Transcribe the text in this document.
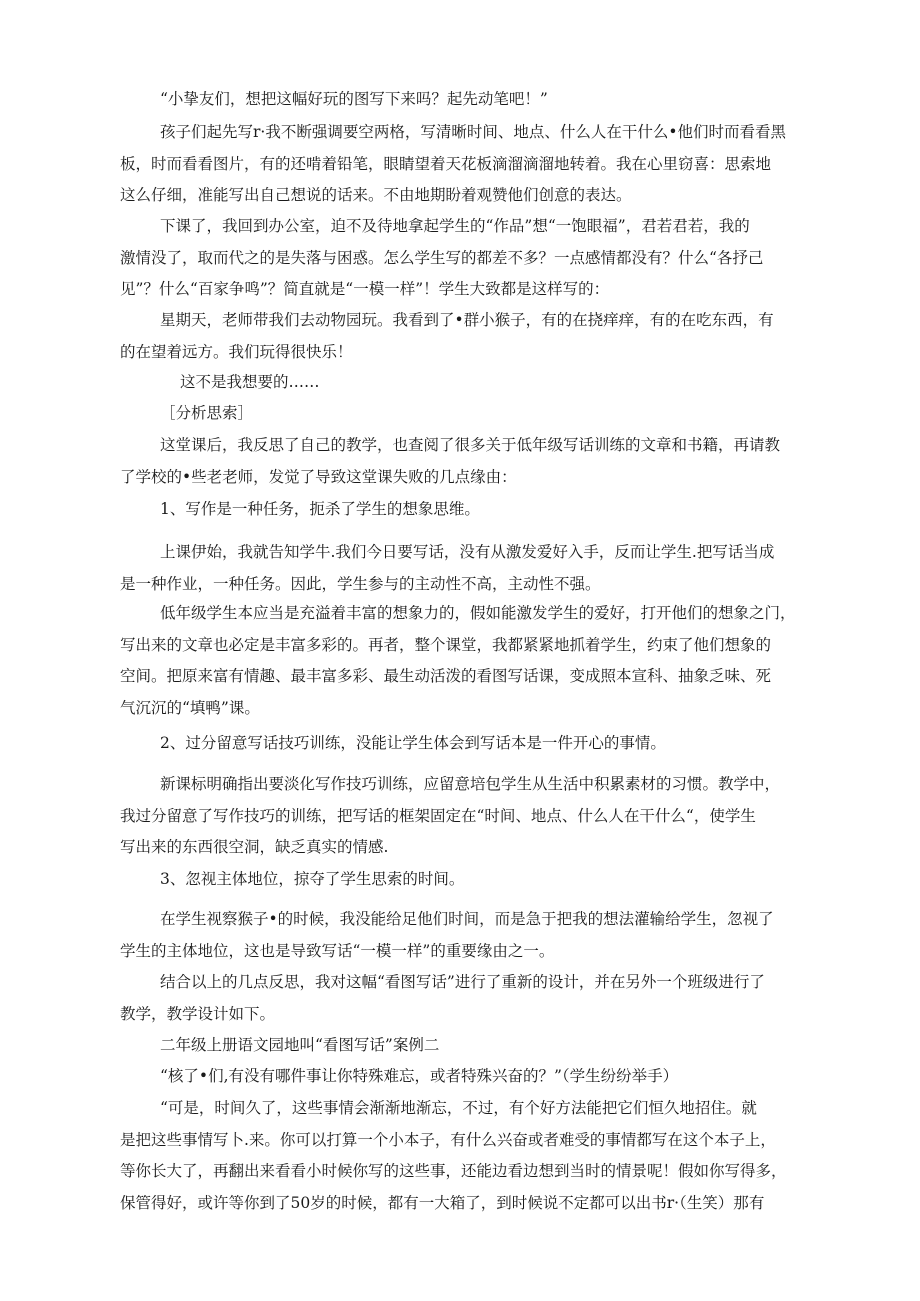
“小挚友们，想把这幅好玩的图写下来吗？起先动笔吧！”
孩子们起先写r·我不断强调要空两格，写清晰时间、地点、什么人在干什么•他们时而看看黑
板，时而看看图片，有的还啃着铅笔，眼睛望着天花板滴溜滴溜地转着。我在心里窃喜：思索地
这么仔细，准能写出自己想说的话来。不由地期盼着观赞他们创意的表达。
下课了，我回到办公室，迫不及待地拿起学生的“作品”想“一饱眼福”，君若君若，我的
激情没了，取而代之的是失落与困惑。怎么学生写的都差不多？一点感情都没有？什么“各抒己
见”？什么“百家争鸣”？简直就是“一模一样”！学生大致都是这样写的：
星期天，老师带我们去动物园玩。我看到了•群小猴子，有的在挠痒痒，有的在吃东西，有
的在望着远方。我们玩得很快乐！
这不是我想要的……
［分析思索］
这堂课后，我反思了自己的教学，也查阅了很多关于低年级写话训练的文章和书籍，再请教
了学校的•些老老师，发觉了导致这堂课失败的几点缘由：
1、写作是一种任务，扼杀了学生的想象思维。
上课伊始，我就告知学牛.我们今日要写话，没有从激发爱好入手，反而让学生.把写话当成
是一种作业，一种任务。因此，学生参与的主动性不高，主动性不强。
低年级学生本应当是充溢着丰富的想象力的，假如能激发学生的爱好，打开他们的想象之门，
写出来的文章也必定是丰富多彩的。再者，整个课堂，我都紧紧地抓着学生，约束了他们想象的
空间。把原来富有情趣、最丰富多彩、最生动活泼的看图写话课，变成照本宣科、抽象乏味、死
气沉沉的“填鸭”课。
2、过分留意写话技巧训练，没能让学生体会到写话本是一件开心的事情。
新课标明确指出要淡化写作技巧训练，应留意培包学生从生活中积累素材的习惯。教学中，
我过分留意了写作技巧的训练，把写话的框架固定在“时间、地点、什么人在干什么“，使学生
写出来的东西很空洞，缺乏真实的情感.
3、忽视主体地位，掠夺了学生思索的时间。
在学生视察猴子•的时候，我没能给足他们时间，而是急于把我的想法灌输给学生，忽视了
学生的主体地位，这也是导致写话“一模一样”的重要缘由之一。
结合以上的几点反思，我对这幅“看图写话”进行了重新的设计，并在另外一个班级进行了
教学，教学设计如下。
二年级上册语文园地叫“看图写话”案例二
“核了•们,有没有哪件事让你特殊难忘，或者特殊兴奋的？”（学生纷纷举手）
“可是，时间久了，这些事情会渐渐地渐忘，不过，有个好方法能把它们恒久地招住。就
是把这些事情写卜.来。你可以打算一个小本子，有什么兴奋或者难受的事情都写在这个本子上，
等你长大了，再翻出来看看小时候你写的这些事，还能边看边想到当时的情景呢！假如你写得多，
保管得好，或许等你到了50岁的时候，都有一大箱了，到时候说不定都可以出书r·（生笑）那有
